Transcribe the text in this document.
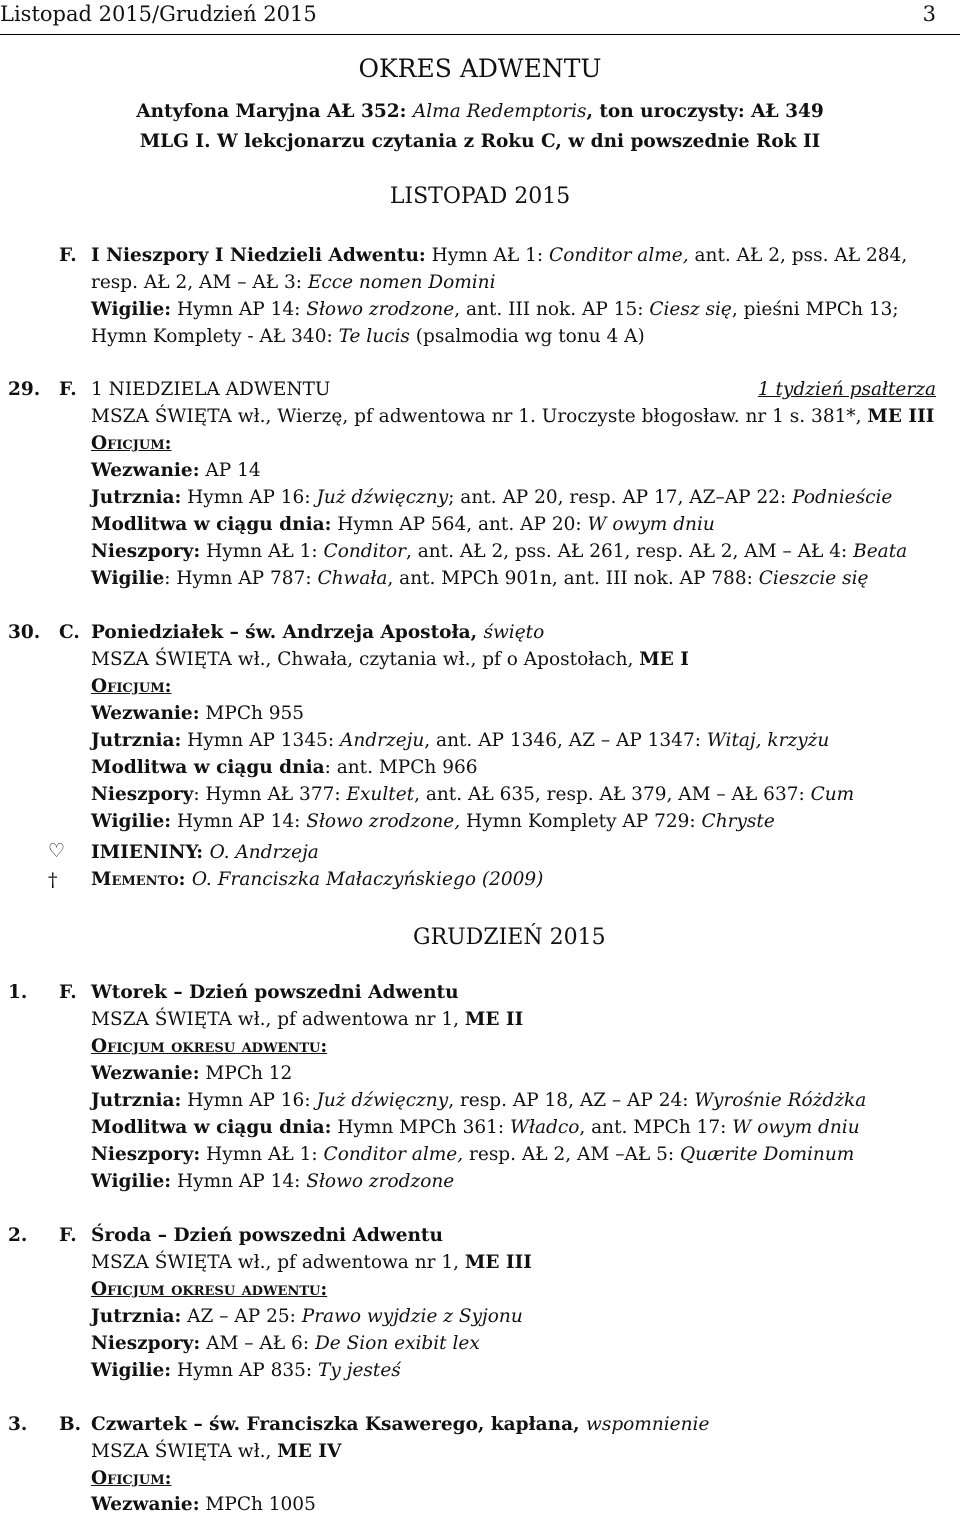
Listopad 2015/Grudzień 2015	3
OKRES ADWENTU
Antyfona Maryjna AŁ 352: Alma Redemptoris, ton uroczysty: AŁ 349
MLG I. W lekcjonarzu czytania z Roku C, w dni powszednie Rok II
LISTOPAD 2015
F. I Nieszpory I Niedzieli Adwentu: Hymn AŁ 1: Conditor alme, ant. AŁ 2, pss. AŁ 284,
resp. AŁ 2, AM – AŁ 3: Ecce nomen Domini
Wigilie: Hymn AP 14: Słowo zrodzone, ant. III nok. AP 15: Ciesz się, pieśni MPCh 13;
Hymn Komplety - AŁ 340: Te lucis (psalmodia wg tonu 4 A)
29. F. 1 NIEDZIELA ADWENTU	1 tydzień psałterza
MSZA ŚWIĘTA wł., Wierzę, pf adwentowa nr 1. Uroczyste błogosław. nr 1 s. 381*, ME III
Oficjum:
Wezwanie: AP 14
Jutrznia: Hymn AP 16: Już dźwięczny; ant. AP 20, resp. AP 17, AZ–AP 22: Podnieście
Modlitwa w ciągu dnia: Hymn AP 564, ant. AP 20: W owym dniu
Nieszpory: Hymn AŁ 1: Conditor, ant. AŁ 2, pss. AŁ 261, resp. AŁ 2, AM – AŁ 4: Beata
Wigilie: Hymn AP 787: Chwała, ant. MPCh 901n, ant. III nok. AP 788: Cieszcie się
30. C. Poniedziałek – św. Andrzeja Apostoła, święto
MSZA ŚWIĘTA wł., Chwała, czytania wł., pf o Apostołach, ME I
Oficjum:
Wezwanie: MPCh 955
Jutrznia: Hymn AP 1345: Andrzeju, ant. AP 1346, AZ – AP 1347: Witaj, krzyżu
Modlitwa w ciągu dnia: ant. MPCh 966
Nieszpory: Hymn AŁ 377: Exultet, ant. AŁ 635, resp. AŁ 379, AM – AŁ 637: Cum
Wigilie: Hymn AP 14: Słowo zrodzone, Hymn Komplety AP 729: Chryste
♡ IMIENINY: O. Andrzeja
† Memento: O. Franciszka Małaczyńskiego (2009)
GRUDZIEŃ 2015
1. F. Wtorek – Dzień powszedni Adwentu
MSZA ŚWIĘTA wł., pf adwentowa nr 1, ME II
Oficjum okresu adwentu:
Wezwanie: MPCh 12
Jutrznia: Hymn AP 16: Już dźwięczny, resp. AP 18, AZ – AP 24: Wyrośnie Różdżka
Modlitwa w ciągu dnia: Hymn MPCh 361: Władco, ant. MPCh 17: W owym dniu
Nieszpory: Hymn AŁ 1: Conditor alme, resp. AŁ 2, AM –AŁ 5: Quærite Dominum
Wigilie: Hymn AP 14: Słowo zrodzone
2. F. Środa – Dzień powszedni Adwentu
MSZA ŚWIĘTA wł., pf adwentowa nr 1, ME III
Oficjum okresu adwentu:
Jutrznia: AZ – AP 25: Prawo wyjdzie z Syjonu
Nieszpory: AM – AŁ 6: De Sion exibit lex
Wigilie: Hymn AP 835: Ty jesteś
3. B. Czwartek – św. Franciszka Ksawerego, kapłana, wspomnienie
MSZA ŚWIĘTA wł., ME IV
Oficjum:
Wezwanie: MPCh 1005
